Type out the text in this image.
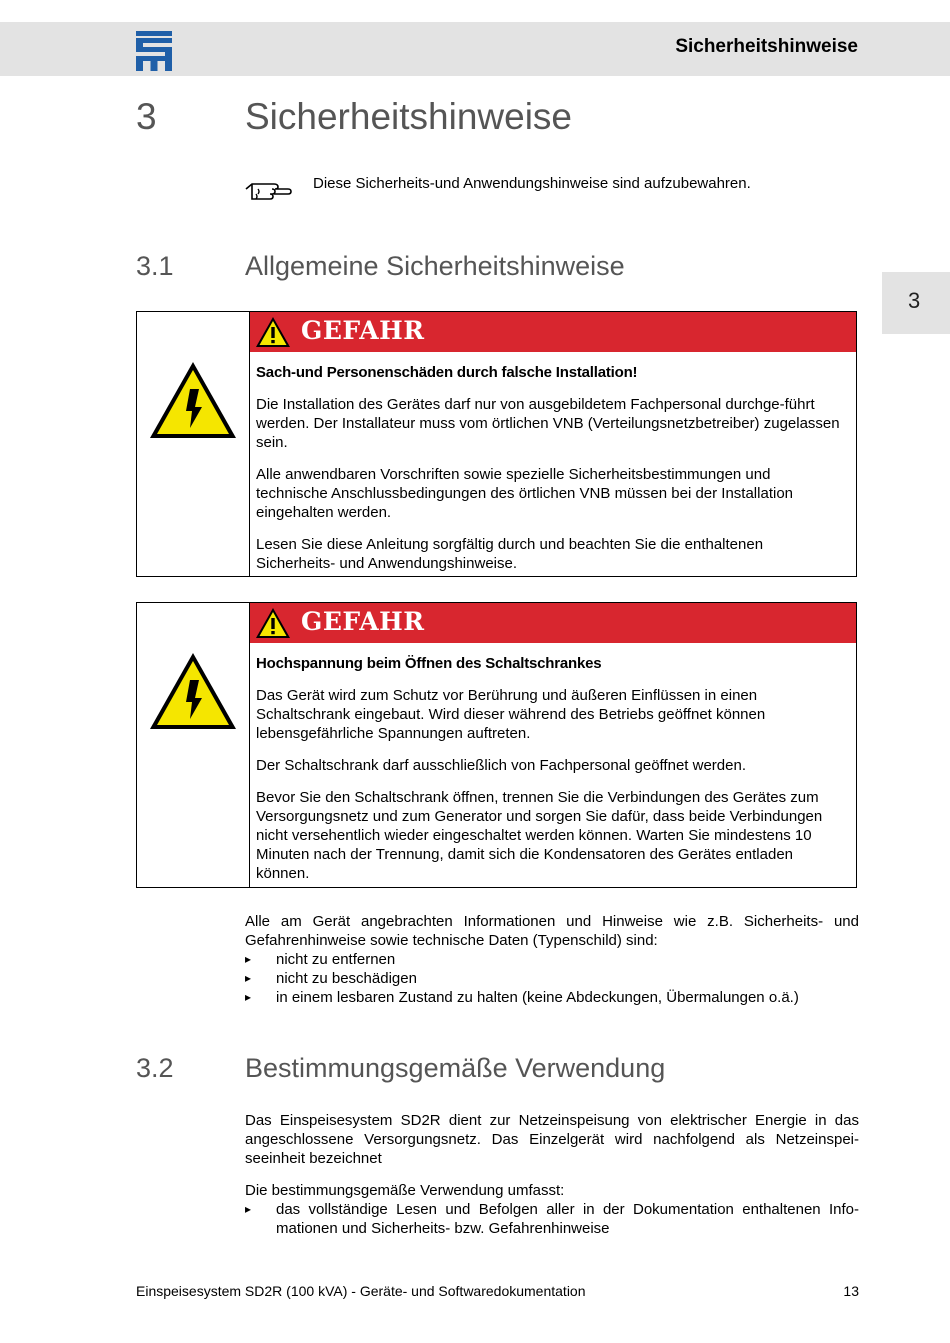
Sicherheitshinweise
3
3 Sicherheitshinweise
Diese Sicherheits-und Anwendungshinweise sind aufzubewahren.
3.1	Allgemeine Sicherheitshinweise
GEFAHR

Sach-und Personenschäden durch falsche Installation!

Die Installation des Gerätes darf nur von ausgebildetem Fachpersonal durchge-führt werden. Der Installateur muss vom örtlichen VNB (Verteilungsnetzbetreiber) zugelassen sein.

Alle anwendbaren Vorschriften sowie spezielle Sicherheitsbestimmungen und technische Anschlussbedingungen des örtlichen VNB müssen bei der Installation eingehalten werden.

Lesen Sie diese Anleitung sorgfältig durch und beachten Sie die enthaltenen Sicherheits- und Anwendungshinweise.

GEFAHR

Hochspannung beim Öffnen des Schaltschrankes

Das Gerät wird zum Schutz vor Berührung und äußeren Einflüssen in einen Schaltschrank eingebaut. Wird dieser während des Betriebs geöffnet können lebensgefährliche Spannungen auftreten.

Der Schaltschrank darf ausschließlich von Fachpersonal geöffnet werden.

Bevor Sie den Schaltschrank öffnen, trennen Sie die Verbindungen des Gerätes zum Versorgungsnetz und zum Generator und sorgen Sie dafür, dass beide Verbindungen nicht versehentlich wieder eingeschaltet werden können. Warten Sie mindestens 10 Minuten nach der Trennung, damit sich die Kondensatoren des Gerätes entladen können.

Alle am Gerät angebrachten Informationen und Hinweise wie z.B. Sicherheits- und Gefahrenhinweise sowie technische Daten (Typenschild) sind:

▸ nicht zu entfernen
▸ nicht zu beschädigen
▸ in einem lesbaren Zustand zu halten (keine Abdeckungen, Übermalungen o.ä.)
3.2	Bestimmungsgemäße Verwendung

Das Einspeisesystem SD2R dient zur Netzeinspeisung von elektrischer Energie in das angeschlossene Versorgungsnetz. Das Einzelgerät wird nachfolgend als Netzeinspei-seeinheit bezeichnet

Die bestimmungsgemäße Verwendung umfasst:

▸ das vollständige Lesen und Befolgen aller in der Dokumentation enthaltenen Info-mationen und Sicherheits- bzw. Gefahrenhinweise
Einspeisesystem SD2R (100 kVA) - Geräte- und Softwaredokumentation	13
